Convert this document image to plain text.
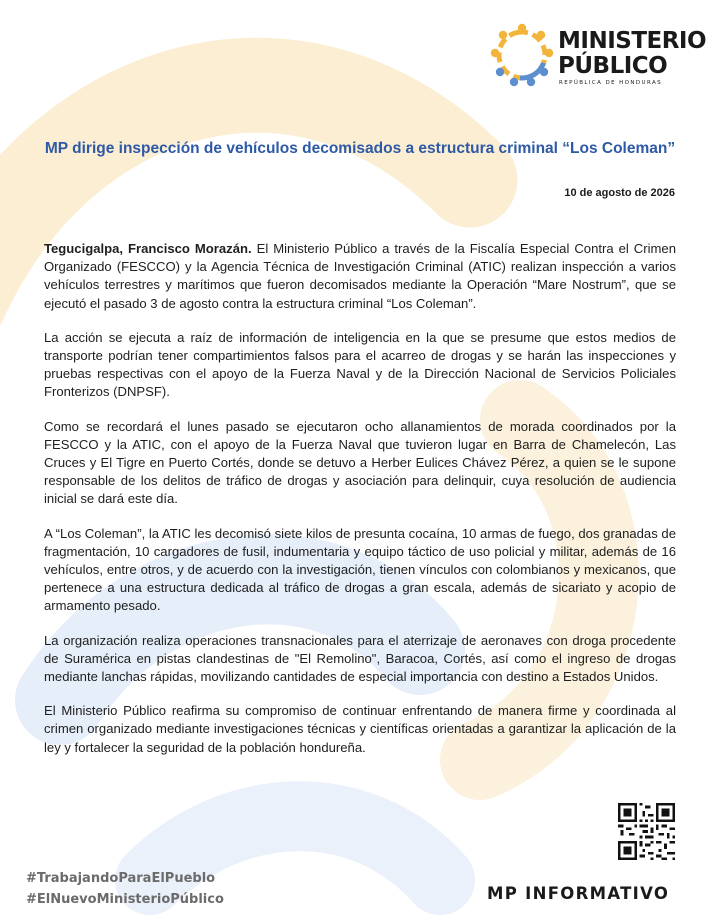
MINISTERIO
PÚBLICO
REPÚBLICA DE HONDURAS
MP dirige inspección de vehículos decomisados a estructura criminal “Los Coleman”
10 de agosto de 2026

Tegucigalpa, Francisco Morazán. El Ministerio Público a través de la Fiscalía Especial Contra el Crimen Organizado (FESCCO) y la Agencia Técnica de Investigación Criminal (ATIC) realizan inspección a varios vehículos terrestres y marítimos que fueron decomisados mediante la Operación “Mare Nostrum”, que se ejecutó el pasado 3 de agosto contra la estructura criminal “Los Coleman”.

La acción se ejecuta a raíz de información de inteligencia en la que se presume que estos medios de transporte podrían tener compartimientos falsos para el acarreo de drogas y se harán las inspecciones y pruebas respectivas con el apoyo de la Fuerza Naval y de la Dirección Nacional de Servicios Policiales Fronterizos (DNPSF).

Como se recordará el lunes pasado se ejecutaron ocho allanamientos de morada coordinados por la FESCCO y la ATIC, con el apoyo de la Fuerza Naval que tuvieron lugar en Barra de Chamelecón, Las Cruces y El Tigre en Puerto Cortés, donde se detuvo a Herber Eulices Chávez Pérez, a quien se le supone responsable de los delitos de tráfico de drogas y asociación para delinquir, cuya resolución de audiencia inicial se dará este día.

A “Los Coleman”, la ATIC les decomisó siete kilos de presunta cocaína, 10 armas de fuego, dos granadas de fragmentación, 10 cargadores de fusil, indumentaria y equipo táctico de uso policial y militar, además de 16 vehículos, entre otros, y de acuerdo con la investigación, tienen vínculos con colombianos y mexicanos, que pertenece a una estructura dedicada al tráfico de drogas a gran escala, además de sicariato y acopio de armamento pesado.

La organización realiza operaciones transnacionales para el aterrizaje de aeronaves con droga procedente de Suramérica en pistas clandestinas de "El Remolino", Baracoa, Cortés, así como el ingreso de drogas mediante lanchas rápidas, movilizando cantidades de especial importancia con destino a Estados Unidos.

El Ministerio Público reafirma su compromiso de continuar enfrentando de manera firme y coordinada al crimen organizado mediante investigaciones técnicas y científicas orientadas a garantizar la aplicación de la ley y fortalecer la seguridad de la población hondureña.

#TrabajandoParaElPueblo
#ElNuevoMinisterioPúblico	MP INFORMATIVO
